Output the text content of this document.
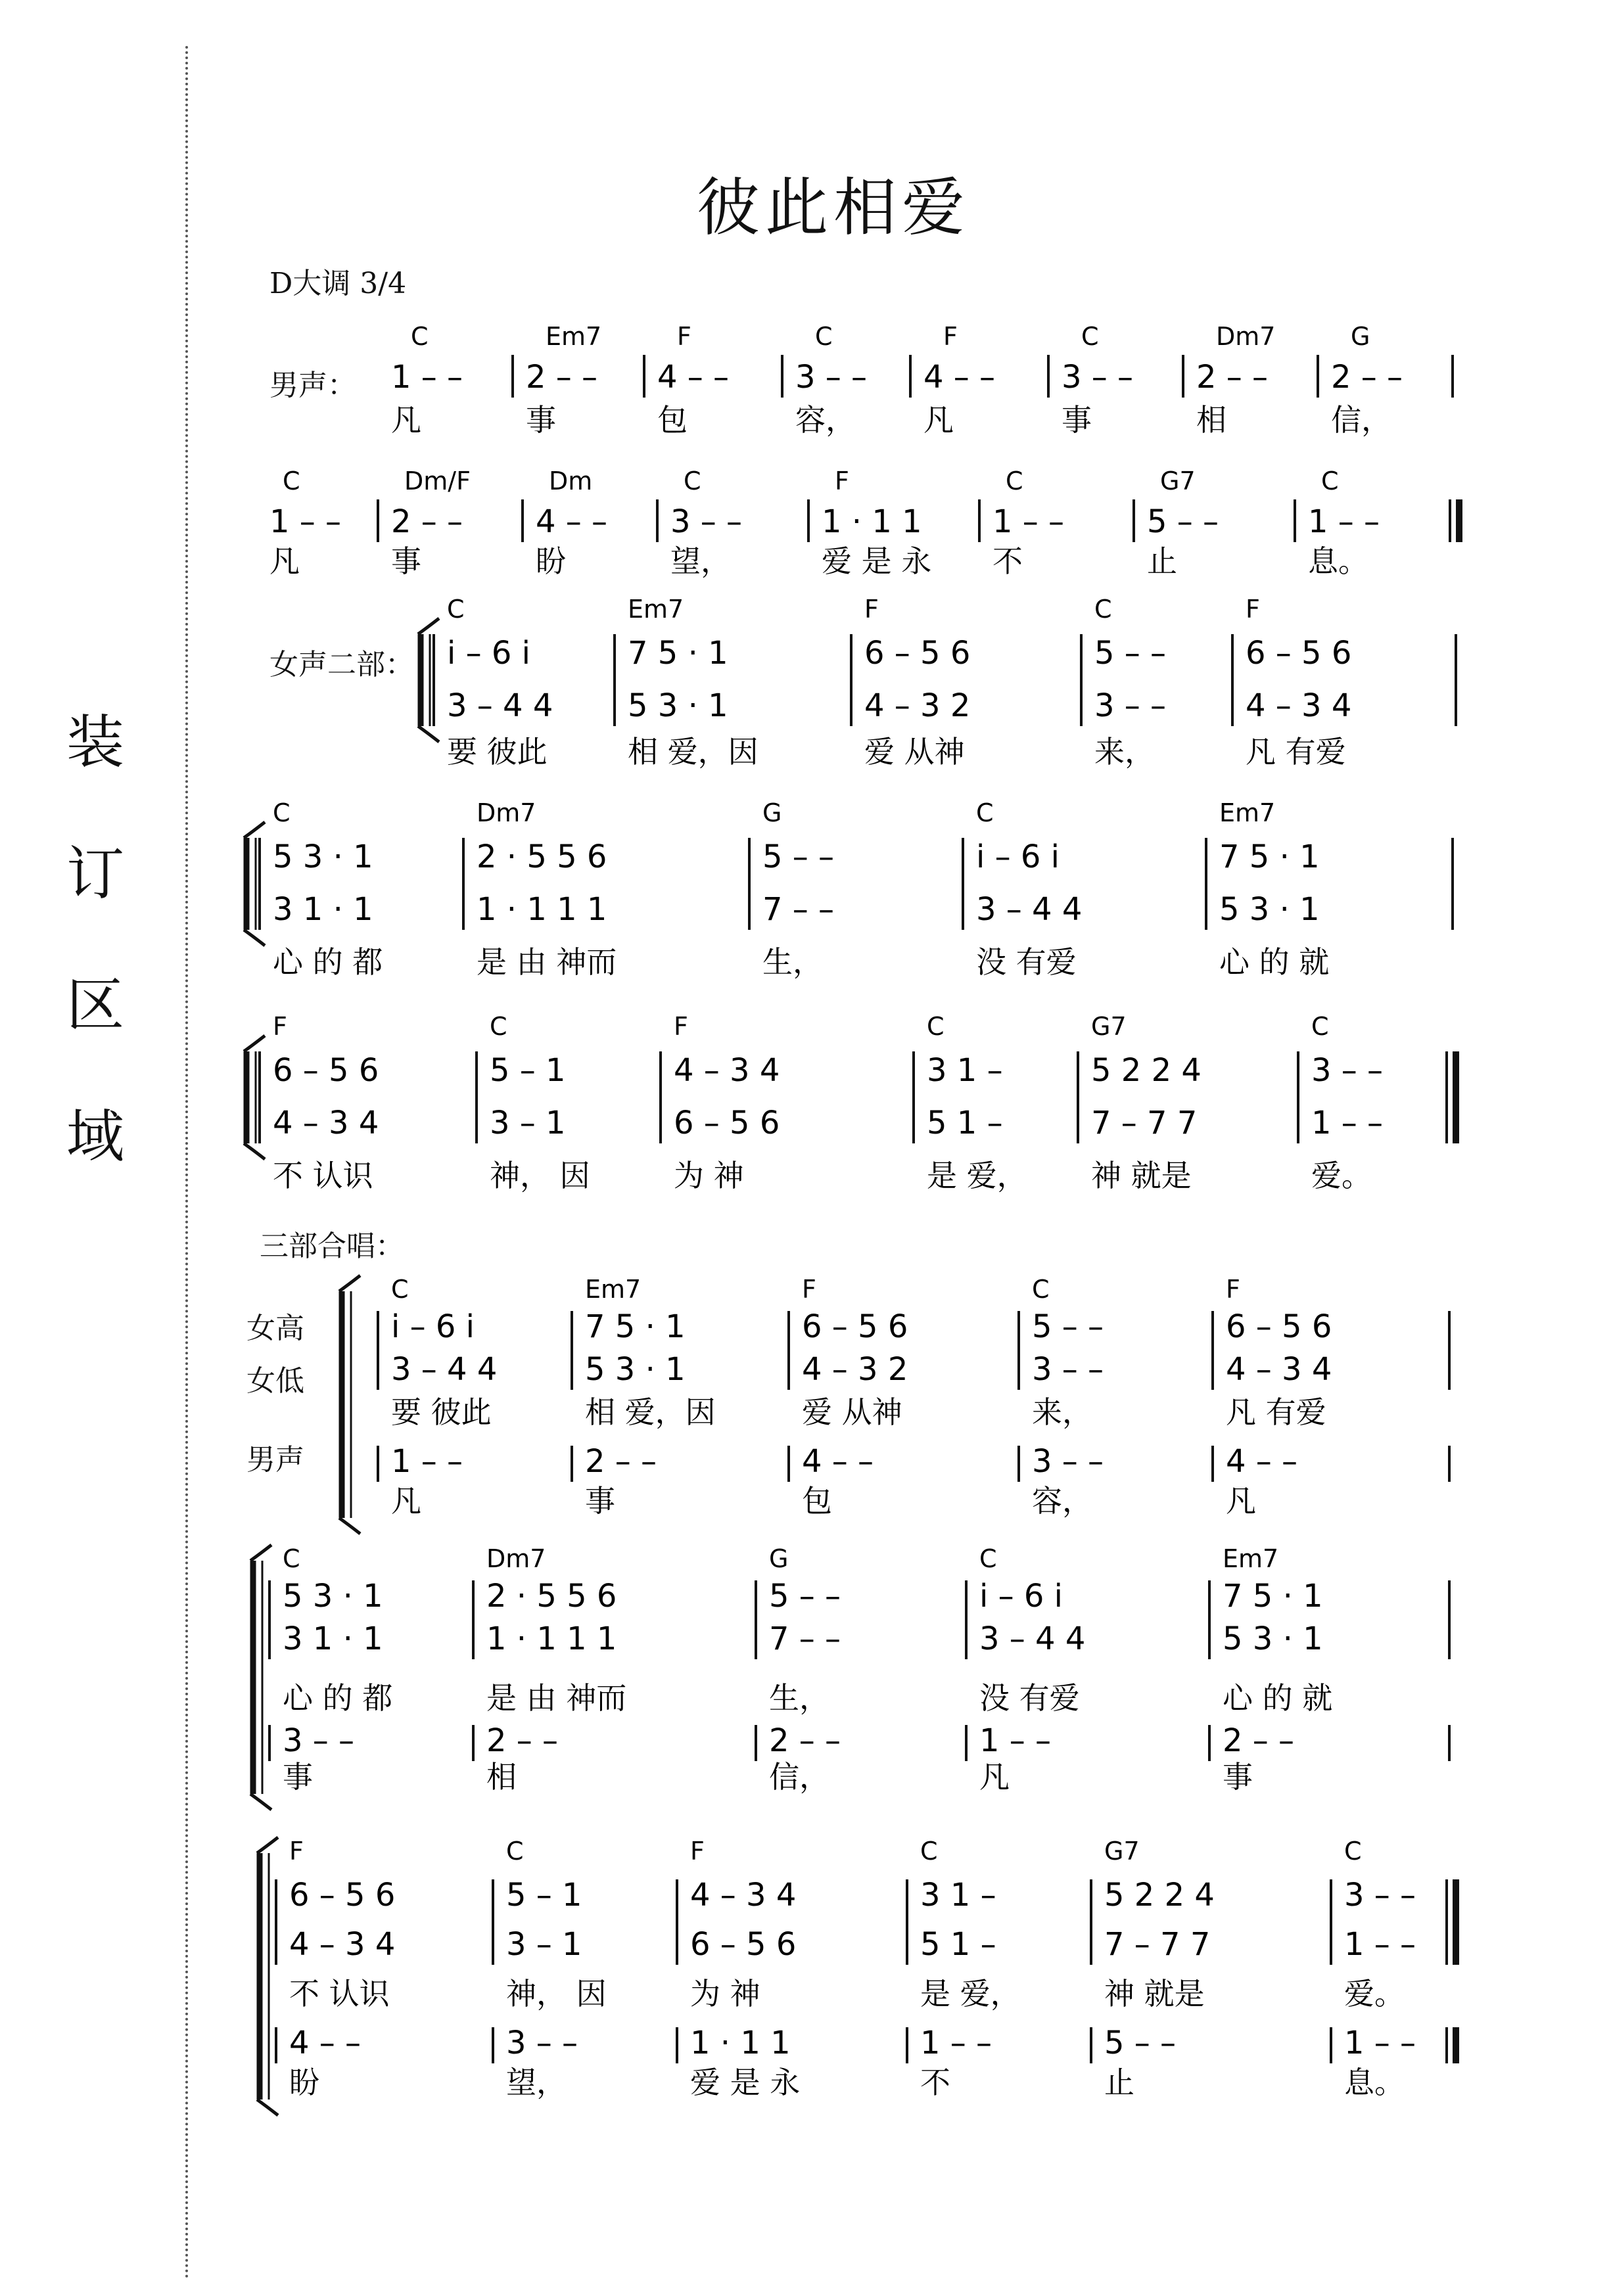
彼此相爱
D大调 3/4
装
订
区
域
男声：
女声二部：
三部合唱：
女高
女低
男声
C
1 – –
凡
Em7
2 – –
事
F
4 – –
包
C
3 – –
容，
F
4 – –
凡
C
3 – –
事
Dm7
2 – –
相
G
2 – –
信，
C
1 – –
凡
Dm/F
2 – –
事
Dm
4 – –
盼
C
3 – –
望，
F
1 · 1 1
爱 是 永
C
1 – –
不
G7
5 – –
止
C
1 – –
息。
C
i – 6 i
3 – 4 4
要 彼此
Em7
7 5 · 1
5 3 · 1
相 爱，因
F
6 – 5 6
4 – 3 2
爱 从神
C
5 – –
3 – –
来，
F
6 – 5 6
4 – 3 4
凡 有爱
C
5 3 · 1
3 1 · 1
心 的 都
Dm7
2 · 5 5 6
1 · 1 1 1
是 由 神而
G
5 – –
7 – –
生，
C
i – 6 i
3 – 4 4
没 有爱
Em7
7 5 · 1
5 3 · 1
心 的 就
F
6 – 5 6
4 – 3 4
不 认识
C
5 – 1
3 – 1
神， 因
F
4 – 3 4
6 – 5 6
为 神
C
3 1 –
5 1 –
是 爱，
G7
5 2 2 4
7 – 7 7
神 就是
C
3 – –
1 – –
爱。
C
i – 6 i
3 – 4 4
要 彼此
1 – –
凡
Em7
7 5 · 1
5 3 · 1
相 爱，因
2 – –
事
F
6 – 5 6
4 – 3 2
爱 从神
4 – –
包
C
5 – –
3 – –
来，
3 – –
容，
F
6 – 5 6
4 – 3 4
凡 有爱
4 – –
凡
C
5 3 · 1
3 1 · 1
心 的 都
3 – –
事
Dm7
2 · 5 5 6
1 · 1 1 1
是 由 神而
2 – –
相
G
5 – –
7 – –
生，
2 – –
信，
C
i – 6 i
3 – 4 4
没 有爱
1 – –
凡
Em7
7 5 · 1
5 3 · 1
心 的 就
2 – –
事
F
6 – 5 6
4 – 3 4
不 认识
4 – –
盼
C
5 – 1
3 – 1
神， 因
3 – –
望，
F
4 – 3 4
6 – 5 6
为 神
1 · 1 1
爱 是 永
C
3 1 –
5 1 –
是 爱，
1 – –
不
G7
5 2 2 4
7 – 7 7
神 就是
5 – –
止
C
3 – –
1 – –
爱。
1 – –
息。
